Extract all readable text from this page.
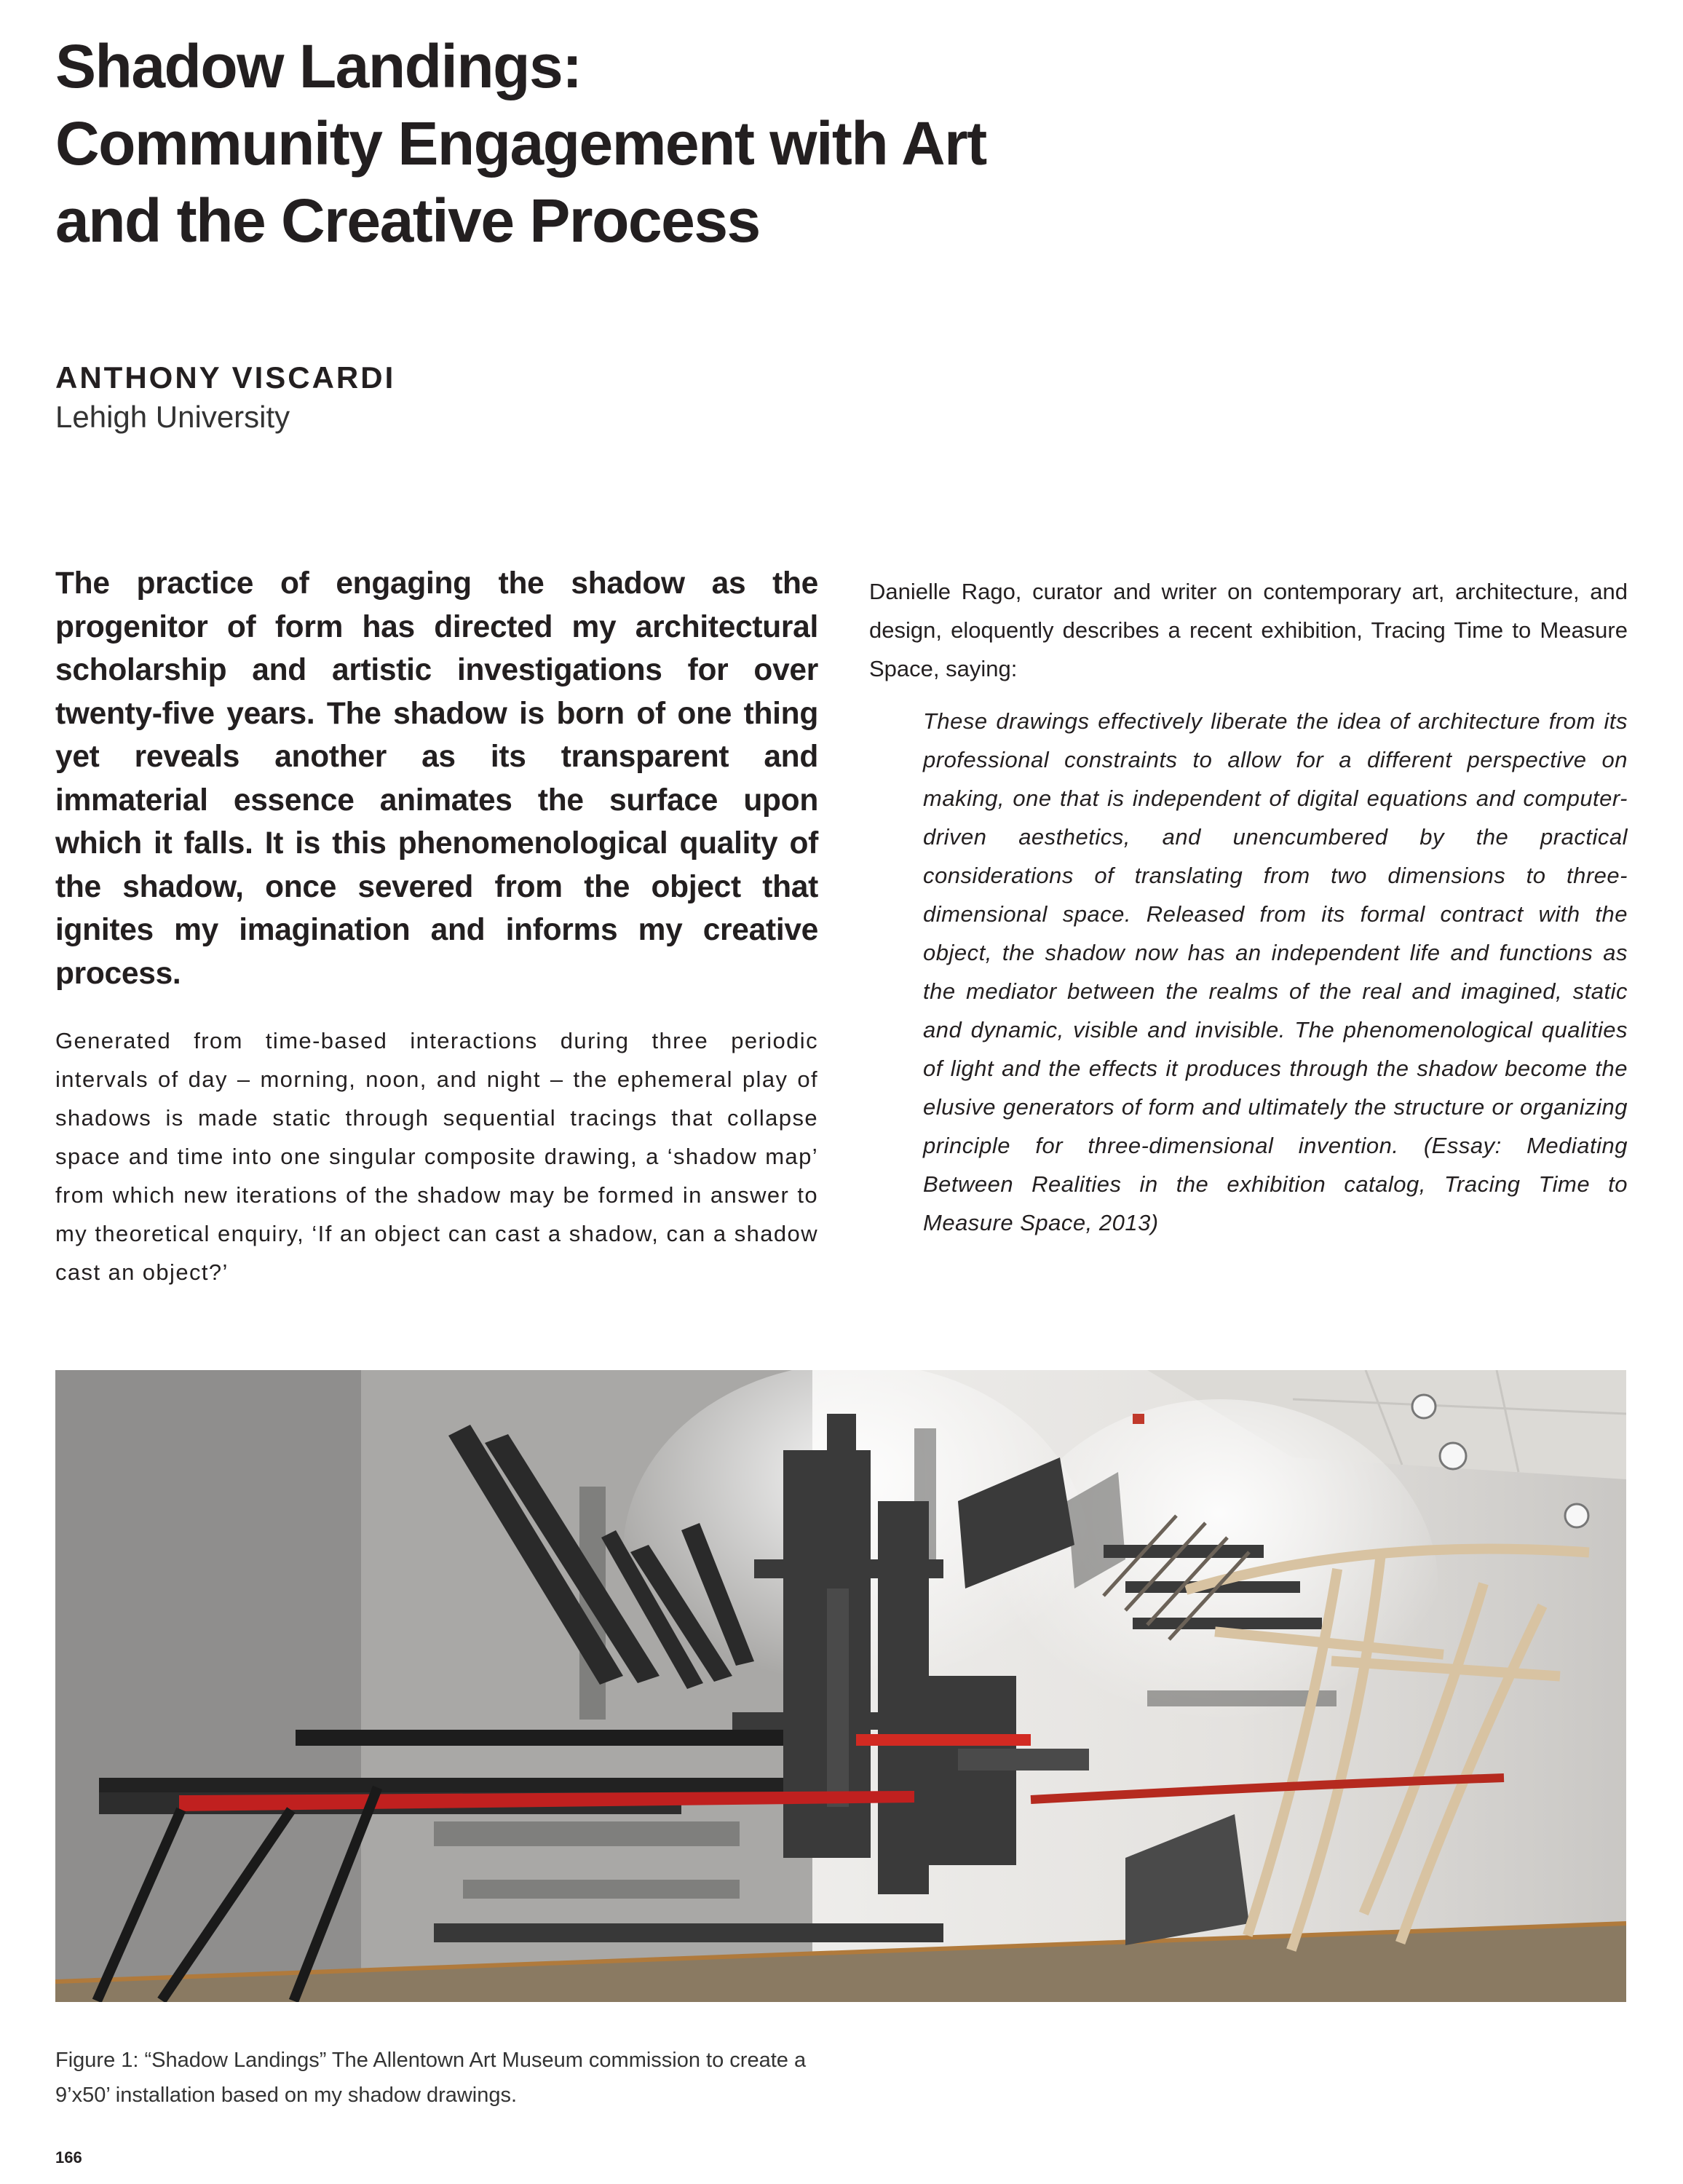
Shadow Landings:
Community Engagement with Art
and the Creative Process

ANTHONY VISCARDI

Lehigh University

The practice of engaging the shadow as the progenitor of form has directed my architectural scholarship and artistic investigations for over twenty-five years. The shadow is born of one thing yet reveals another as its transparent and immaterial essence animates the surface upon which it falls. It is this phenomenological quality of the shadow, once severed from the object that ignites my imagination and informs my creative process.

Generated from time-based interactions during three periodic intervals of day – morning, noon, and night – the ephemeral play of shadows is made static through sequential tracings that collapse space and time into one singular composite drawing, a ‘shadow map’ from which new iterations of the shadow may be formed in answer to my theoretical enquiry, ‘If an object can cast a shadow, can a shadow cast an object?’

Danielle Rago, curator and writer on contemporary art, architecture, and design, eloquently describes a recent exhibition, Tracing Time to Measure Space, saying:

These drawings effectively liberate the idea of architecture from its professional constraints to allow for a different perspective on making, one that is independent of digital equations and computer-driven aesthetics, and unencumbered by the practical considerations of translating from two dimensions to three-dimensional space. Released from its formal contract with the object, the shadow now has an independent life and functions as the mediator between the realms of the real and imagined, static and dynamic, visible and invisible. The phenomenological qualities of light and the effects it produces through the shadow become the elusive generators of form and ultimately the structure or organizing principle for three-dimensional invention. (Essay: Mediating Between Realities in the exhibition catalog, Tracing Time to Measure Space, 2013)

Figure 1: “Shadow Landings” The Allentown Art Museum commission to create a 9’x50’ installation based on my shadow drawings.

166
